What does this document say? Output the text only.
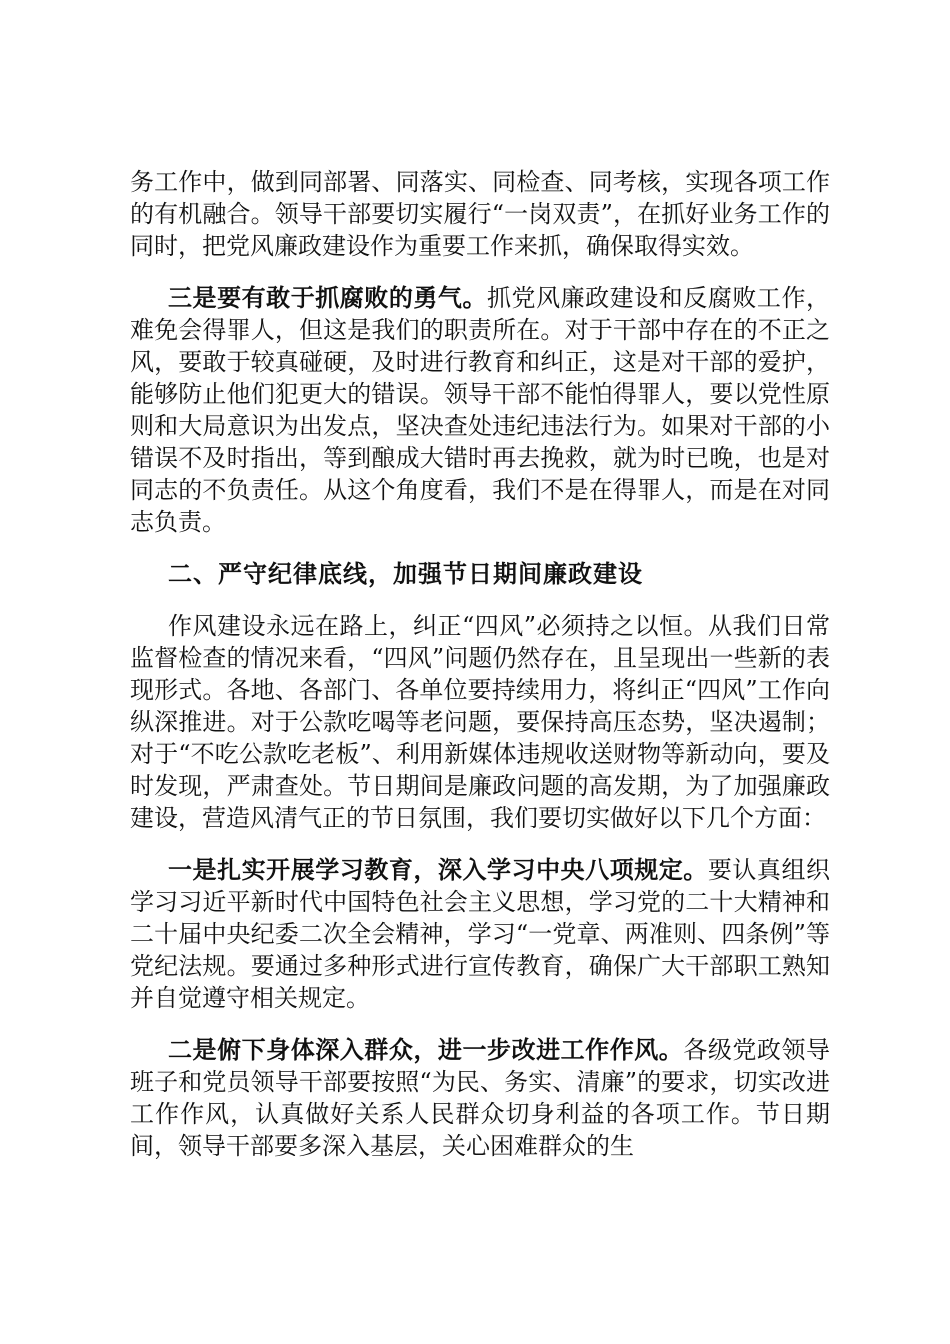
务工作中，做到同部署、同落实、同检查、同考核，实现各项工作的有机融合。领导干部要切实履行“一岗双责”，在抓好业务工作的同时，把党风廉政建设作为重要工作来抓，确保取得实效。

三是要有敢于抓腐败的勇气。抓党风廉政建设和反腐败工作，难免会得罪人，但这是我们的职责所在。对于干部中存在的不正之风，要敢于较真碰硬，及时进行教育和纠正，这是对干部的爱护，能够防止他们犯更大的错误。领导干部不能怕得罪人，要以党性原则和大局意识为出发点，坚决查处违纪违法行为。如果对干部的小错误不及时指出，等到酿成大错时再去挽救，就为时已晚，也是对同志的不负责任。从这个角度看，我们不是在得罪人，而是在对同志负责。

二、严守纪律底线，加强节日期间廉政建设

作风建设永远在路上，纠正“四风”必须持之以恒。从我们日常监督检查的情况来看，“四风”问题仍然存在，且呈现出一些新的表现形式。各地、各部门、各单位要持续用力，将纠正“四风”工作向纵深推进。对于公款吃喝等老问题，要保持高压态势，坚决遏制；对于“不吃公款吃老板”、利用新媒体违规收送财物等新动向，要及时发现，严肃查处。节日期间是廉政问题的高发期，为了加强廉政建设，营造风清气正的节日氛围，我们要切实做好以下几个方面：

一是扎实开展学习教育，深入学习中央八项规定。要认真组织学习习近平新时代中国特色社会主义思想，学习党的二十大精神和二十届中央纪委二次全会精神，学习“一党章、两准则、四条例”等党纪法规。要通过多种形式进行宣传教育，确保广大干部职工熟知并自觉遵守相关规定。

二是俯下身体深入群众，进一步改进工作作风。各级党政领导班子和党员领导干部要按照“为民、务实、清廉”的要求，切实改进工作作风，认真做好关系人民群众切身利益的各项工作。节日期间，领导干部要多深入基层，关心困难群众的生
